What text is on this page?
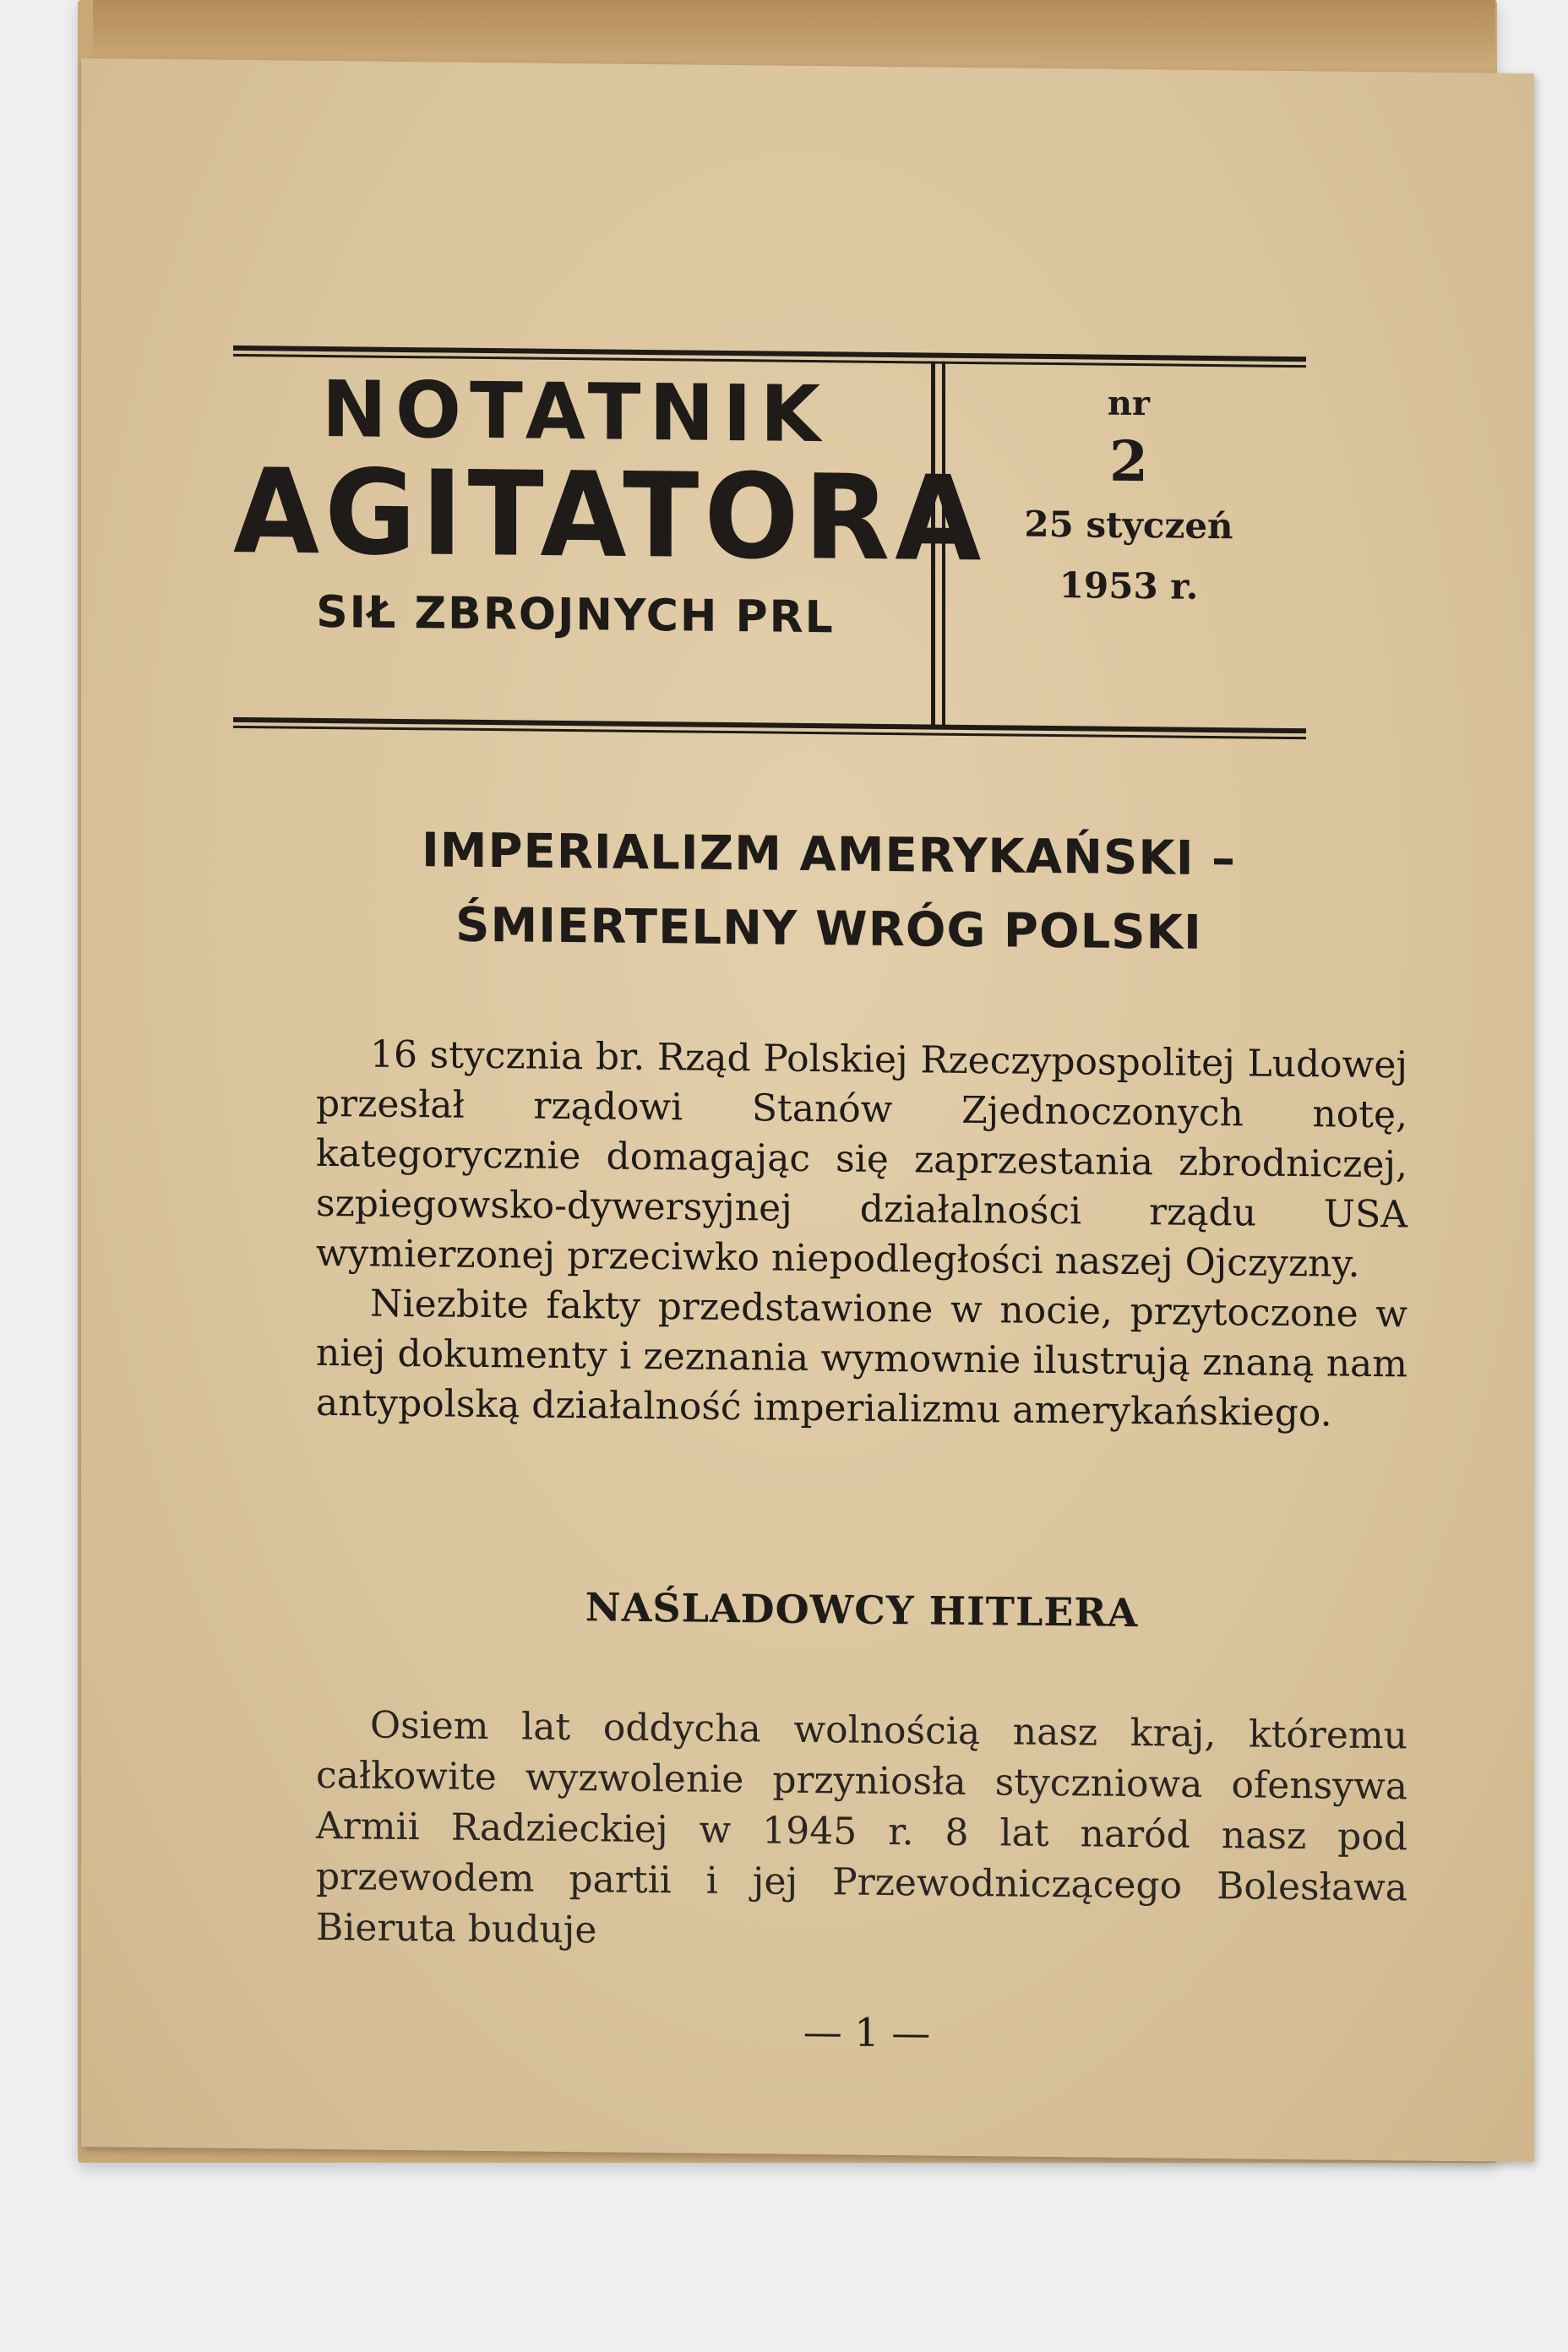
NOTATNIK
AGITATORA
SIŁ ZBROJNYCH PRL
nr
2
25 styczeń
1953 r.
IMPERIALIZM AMERYKAŃSKI –
ŚMIERTELNY WRÓG POLSKI

16 stycznia br. Rząd Polskiej Rzeczypospolitej Ludowej przesłał rządowi Stanów Zjednoczonych notę, kategorycznie domagając się zaprzestania zbrodniczej, szpiegowsko-dywersyjnej działalności rządu USA wymierzonej przeciwko niepodległości naszej Ojczyzny.

Niezbite fakty przedstawione w nocie, przytoczone w niej dokumenty i zeznania wymownie ilustrują znaną nam antypolską działalność imperializmu amerykańskiego.

NAŚLADOWCY HITLERA

Osiem lat oddycha wolnością nasz kraj, któremu całkowite wyzwolenie przyniosła styczniowa ofensywa Armii Radzieckiej w 1945 r. 8 lat naród nasz pod przewodem partii i jej Przewodniczącego Bolesława Bieruta buduje

— 1 —
